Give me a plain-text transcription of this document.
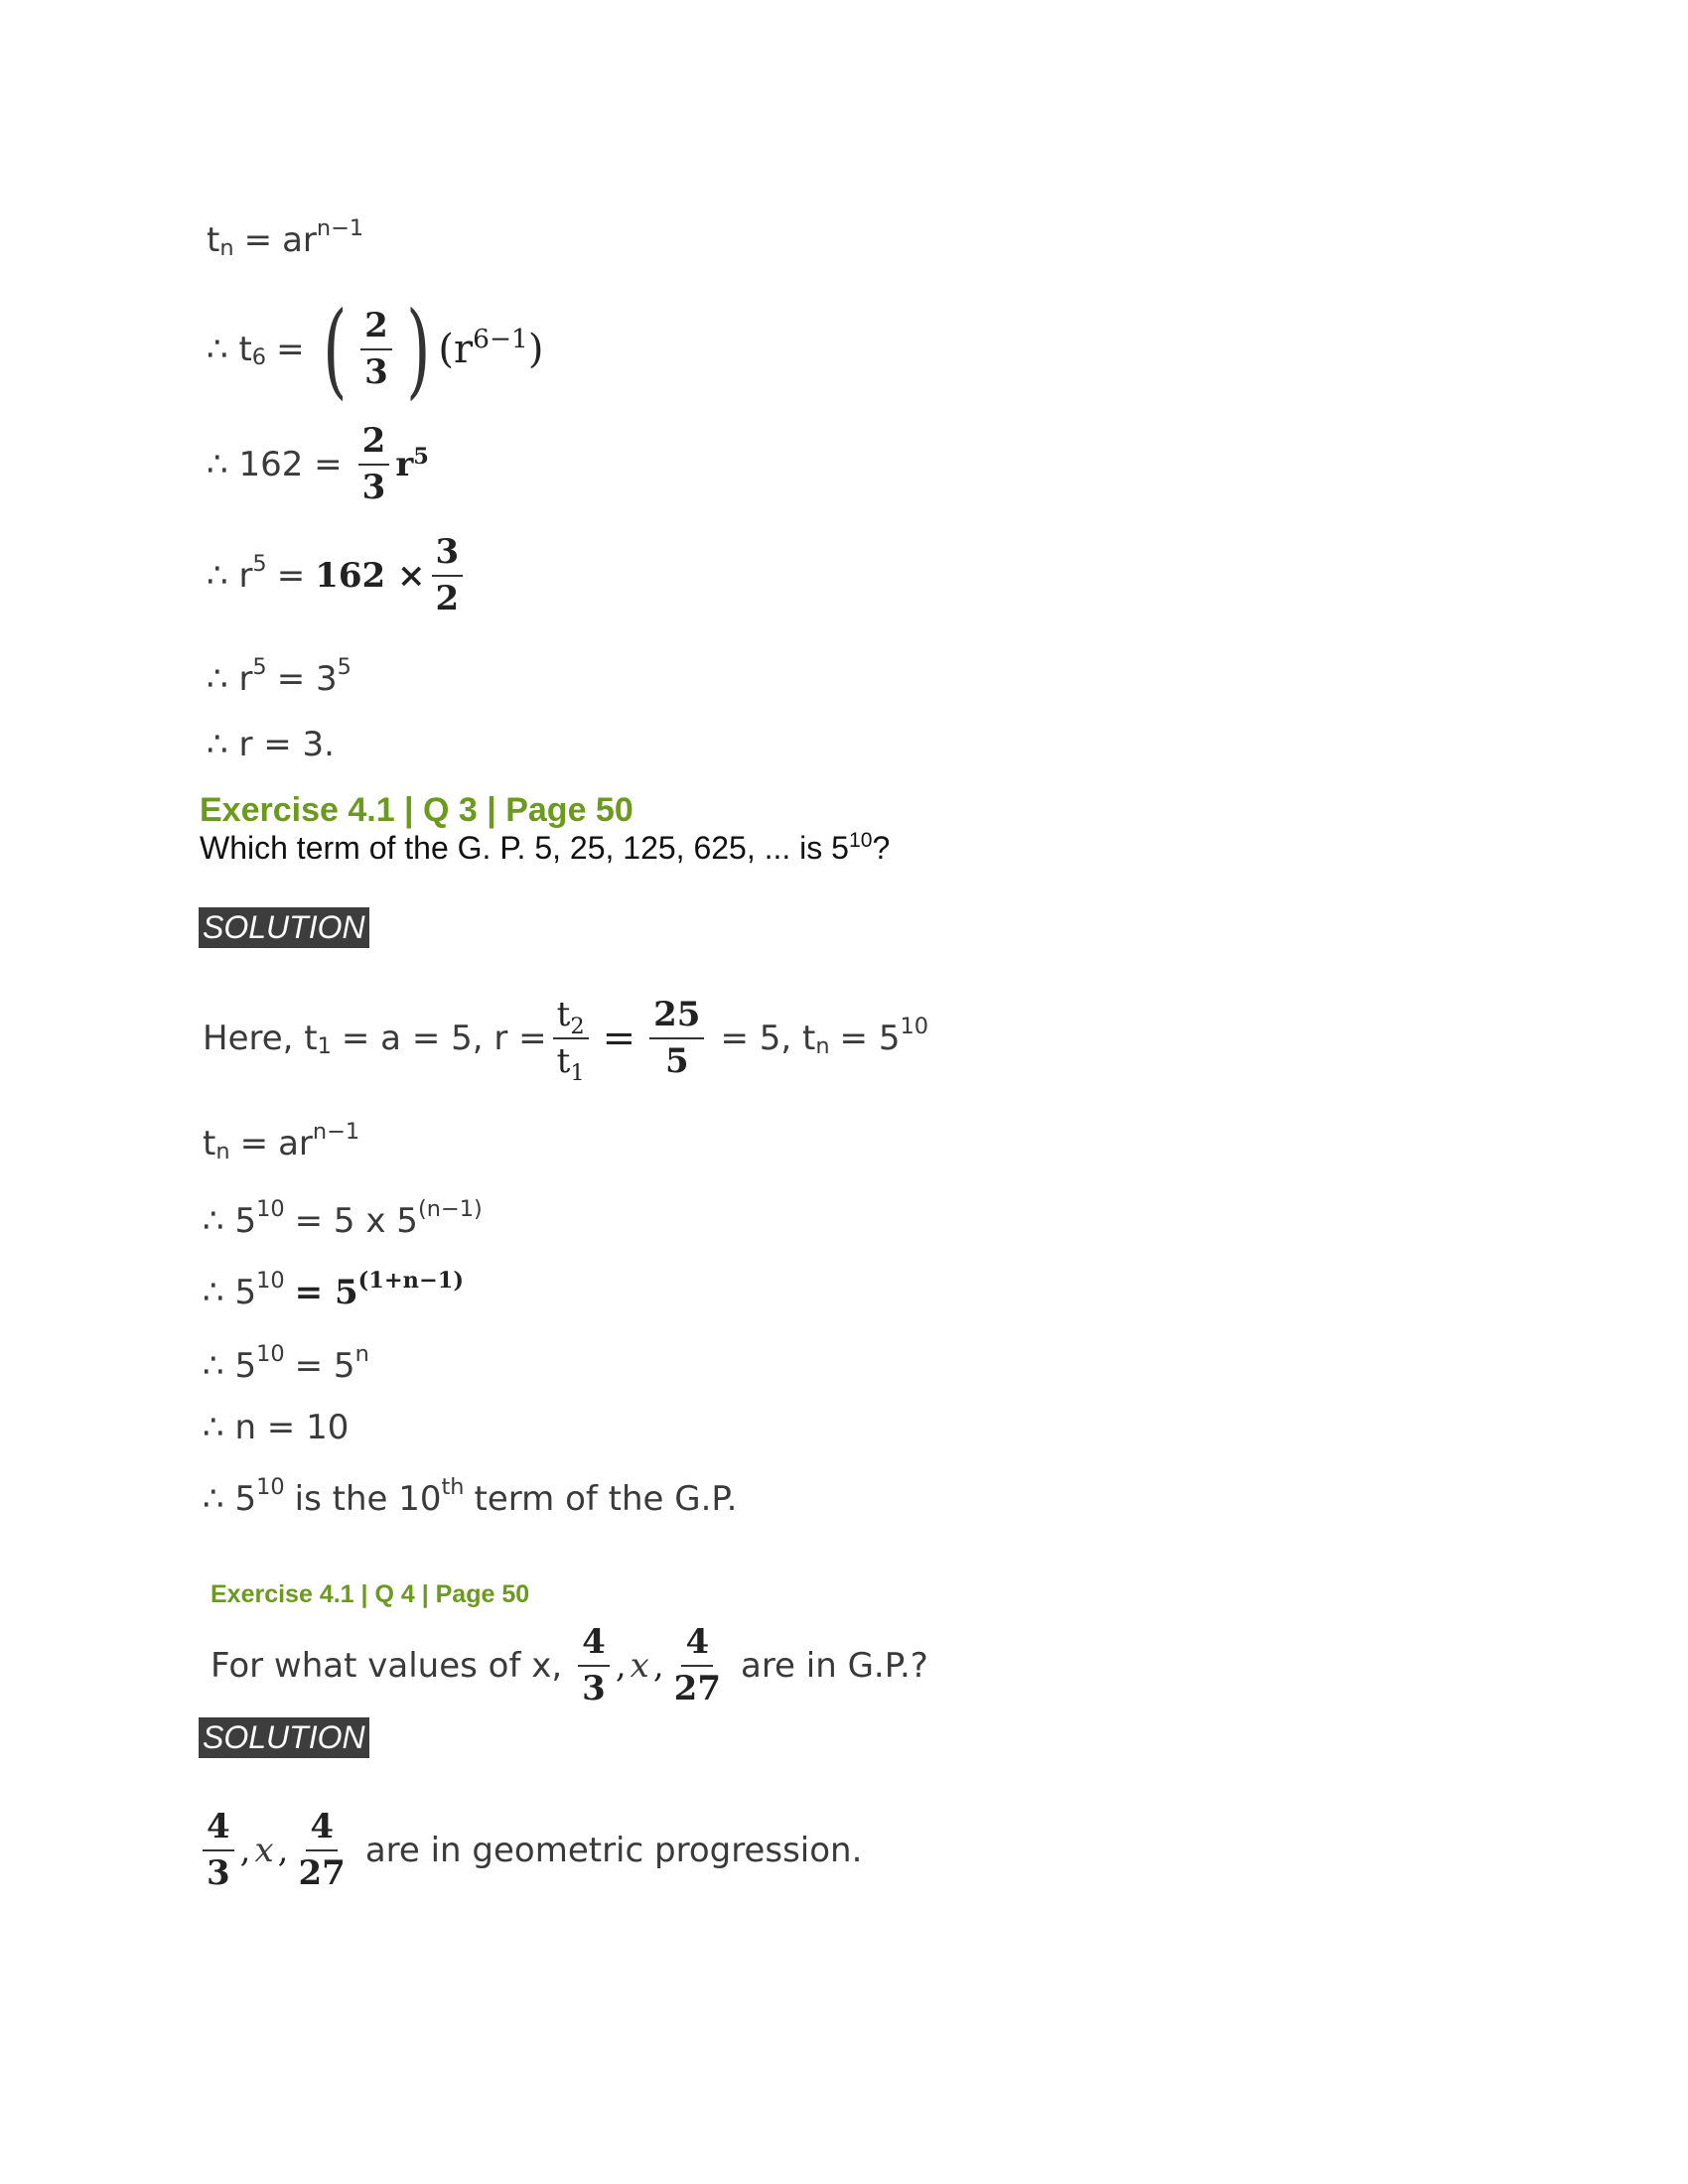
$t_n = ar^{n-1}$
∴ $t_6$ = ( $\frac{2}{3}$ ) $(r^{6-1})$
∴ $162 = \frac{2}{3} r^5$
∴ $r^5 = 162 \times \frac{3}{2}$
∴ $r^5 = 3^5$
∴ r = 3.
Exercise 4.1 | Q 3 | Page 50
Which term of the G. P. 5, 25, 125, 625, ... is $5^{10}$?
SOLUTION
Here, $t_1 = a = 5$, $r = \frac{t_2}{t_1} = \frac{25}{5} = 5$, $t_n = 5^{10}$
$t_n = ar^{n-1}$
∴ $5^{10} = 5$ x $5^{(n-1)}$
∴ $5^{10} = 5^{(1+n-1)}$
∴ $5^{10} = 5^n$
∴ n = 10
∴ $5^{10}$ is the 10th term of the G.P.
Exercise 4.1 | Q 4 | Page 50
For what values of x, $\frac{4}{3}$ , x , $\frac{4}{27}$ are in G.P.?
SOLUTION
$\frac{4}{3}$ , x , $\frac{4}{27}$ are in geometric progression.
